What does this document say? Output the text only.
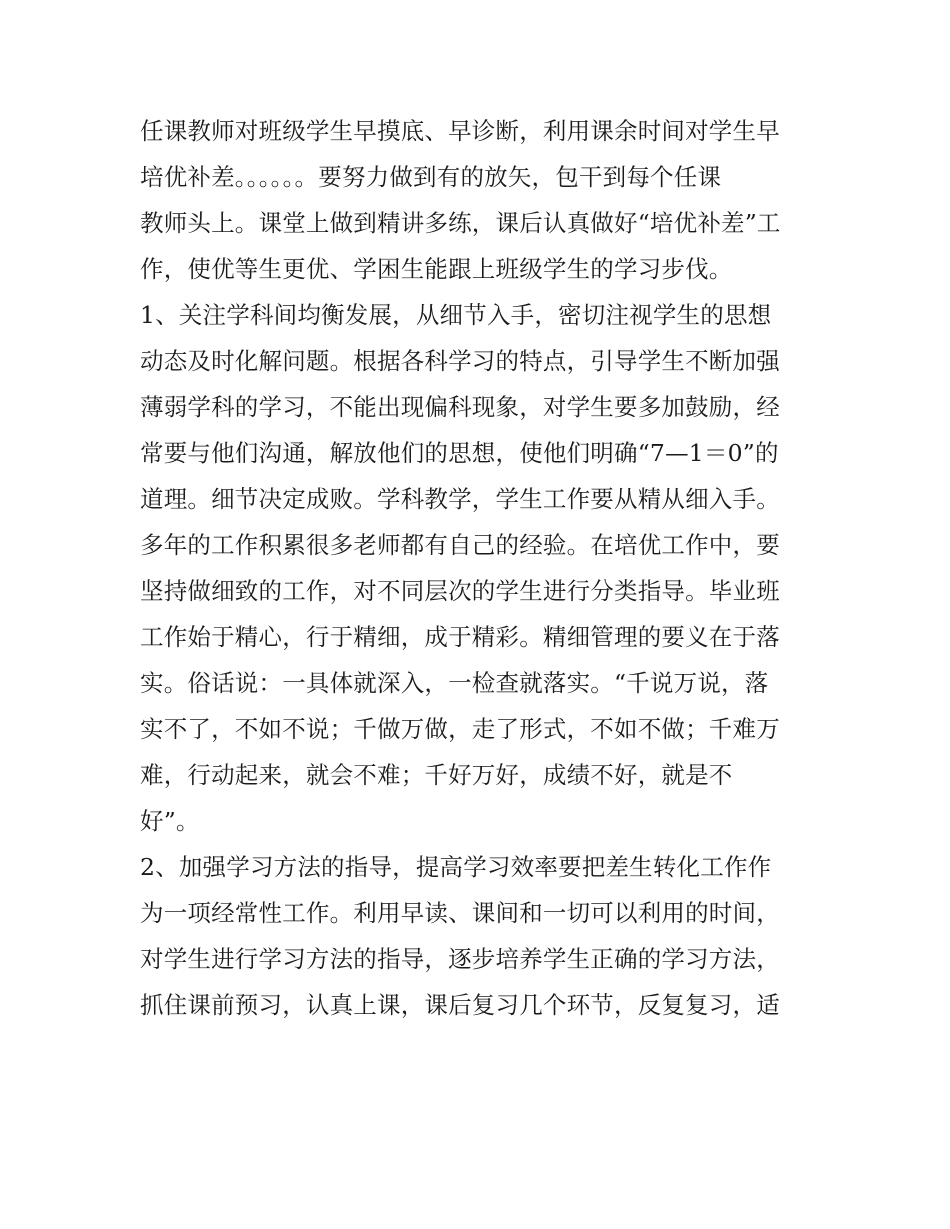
任课教师对班级学生早摸底、早诊断，利用课余时间对学生早
培优补差。。。。。。要努力做到有的放矢，包干到每个任课
教师头上。课堂上做到精讲多练，课后认真做好“培优补差”工
作，使优等生更优、学困生能跟上班级学生的学习步伐。
1、关注学科间均衡发展，从细节入手，密切注视学生的思想
动态及时化解问题。根据各科学习的特点，引导学生不断加强
薄弱学科的学习，不能出现偏科现象，对学生要多加鼓励，经
常要与他们沟通，解放他们的思想，使他们明确“7—1＝0”的
道理。细节决定成败。学科教学，学生工作要从精从细入手。
多年的工作积累很多老师都有自己的经验。在培优工作中，要
坚持做细致的工作，对不同层次的学生进行分类指导。毕业班
工作始于精心，行于精细，成于精彩。精细管理的要义在于落
实。俗话说：一具体就深入，一检查就落实。“千说万说，落
实不了，不如不说；千做万做，走了形式，不如不做；千难万
难，行动起来，就会不难；千好万好，成绩不好，就是不
好”。
2、加强学习方法的指导，提高学习效率要把差生转化工作作
为一项经常性工作。利用早读、课间和一切可以利用的时间，
对学生进行学习方法的指导，逐步培养学生正确的学习方法，
抓住课前预习，认真上课，课后复习几个环节，反复复习，适
